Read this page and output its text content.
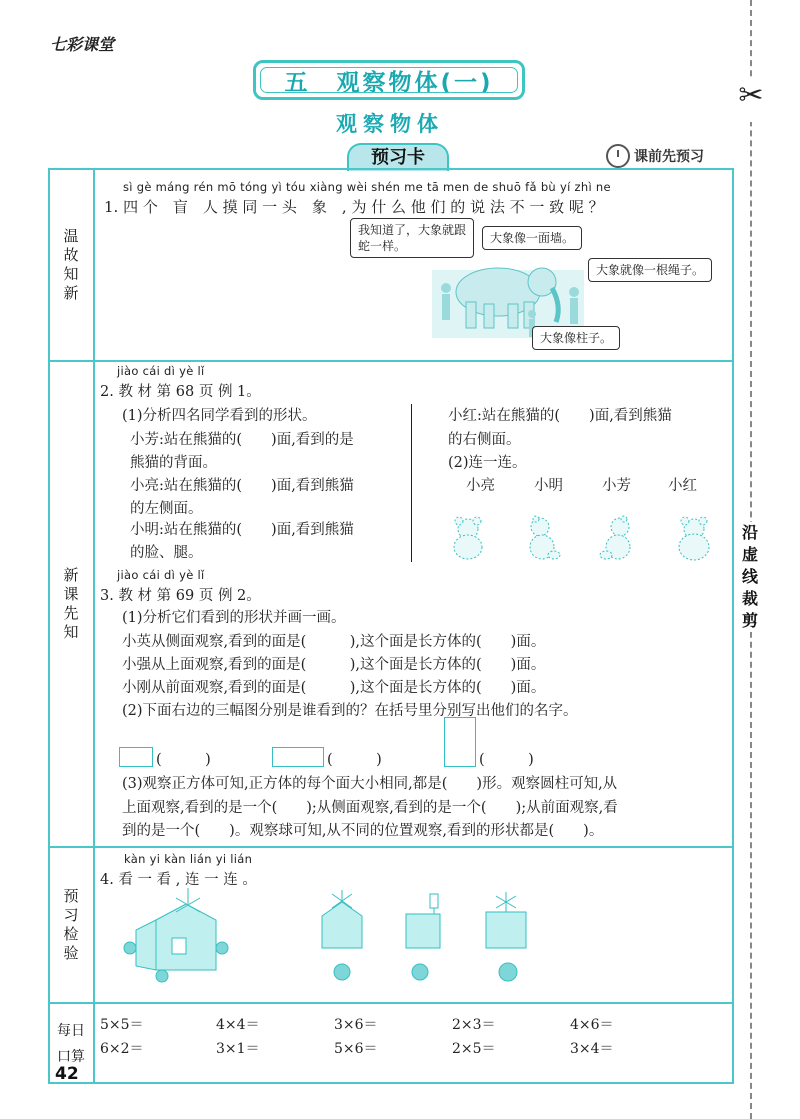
七彩课堂
五　观察物体(一)
观察物体
预习卡	课前先预习
✂
沿
虚
线
裁
剪
温
故
知
新
新
课
先
知
预
习
检
验
每日
口算
sì gè máng rén mō tóng yì tóu xiàng wèi shén me tā men de shuō fǎ bù yí zhì ne
1. 四 个　盲　人 摸 同 一 头　象　, 为 什 么 他 们 的 说 法 不 一 致 呢 ？
我知道了，大象就跟蛇一样。
大象像一面墙。
大象就像一根绳子。
大象像柱子。
jiào cái dì yè lǐ
2. 教 材 第 68 页 例 1。
(1)分析四名同学看到的形状。
小芳:站在熊猫的(　　)面,看到的是
熊猫的背面。
小亮:站在熊猫的(　　)面,看到熊猫
的左侧面。
小明:站在熊猫的(　　)面,看到熊猫
的脸、腿。
小红:站在熊猫的(　　)面,看到熊猫
的右侧面。
(2)连一连。
小亮	小明	小芳	小红
jiào cái dì yè lǐ
3. 教 材 第 69 页 例 2。
(1)分析它们看到的形状并画一画。
小英从侧面观察,看到的面是(　　　),这个面是长方体的(　　)面。
小强从上面观察,看到的面是(　　　),这个面是长方体的(　　)面。
小刚从前面观察,看到的面是(　　　),这个面是长方体的(　　)面。
(2)下面右边的三幅图分别是谁看到的？在括号里分别写出他们的名字。
(　　　)	(　　　)	(　　　)
(3)观察正方体可知,正方体的每个面大小相同,都是(　　)形。观察圆柱可知,从
上面观察,看到的是一个(　　);从侧面观察,看到的是一个(　　);从前面观察,看
到的是一个(　　)。观察球可知,从不同的位置观察,看到的形状都是(　　)。
kàn yi kàn lián yi lián
4. 看 一 看 , 连 一 连 。
5×5＝	4×4＝	3×6＝	2×3＝	4×6＝
6×2＝	3×1＝	5×6＝	2×5＝	3×4＝
42
